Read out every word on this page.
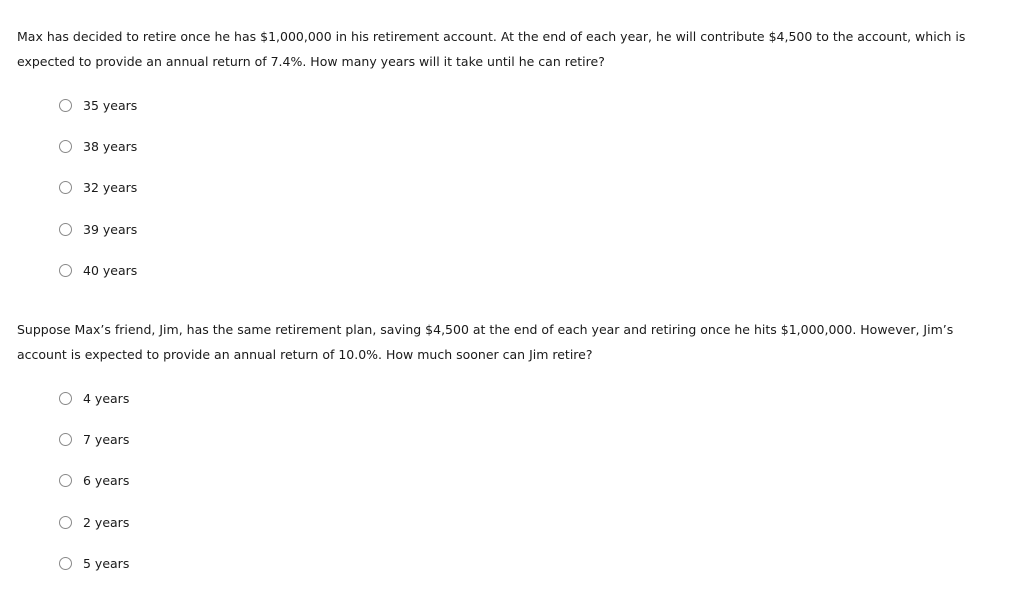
Max has decided to retire once he has $1,000,000 in his retirement account. At the end of each year, he will contribute $4,500 to the account, which is expected to provide an annual return of 7.4%. How many years will it take until he can retire?

35 years
38 years
32 years
39 years
40 years

Suppose Max’s friend, Jim, has the same retirement plan, saving $4,500 at the end of each year and retiring once he hits $1,000,000. However, Jim’s account is expected to provide an annual return of 10.0%. How much sooner can Jim retire?

4 years
7 years
6 years
2 years
5 years
